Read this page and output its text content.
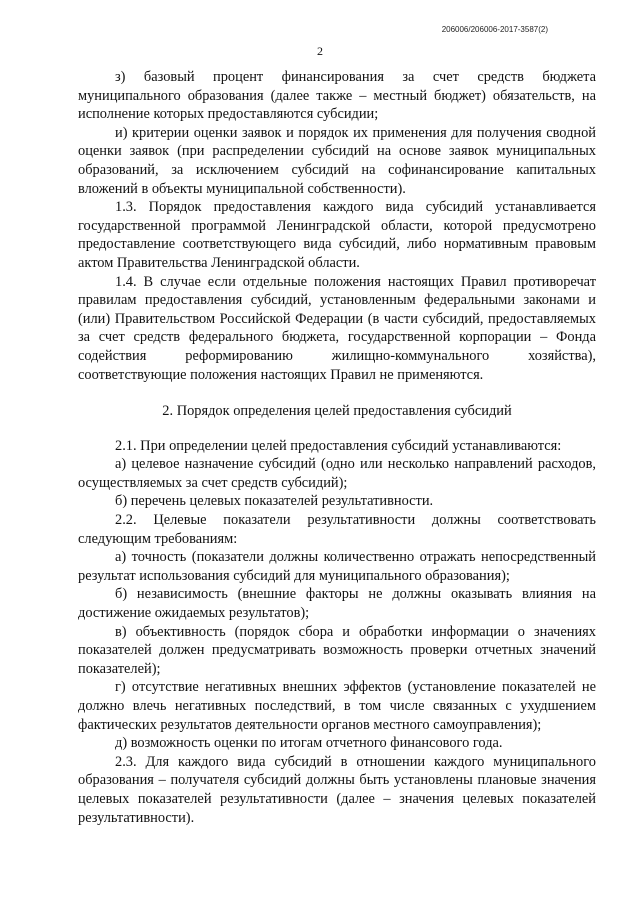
206006/206006-2017-3587(2)
2

з) базовый процент финансирования за счет средств бюджета муниципального образования (далее также – местный бюджет) обязательств, на исполнение которых предоставляются субсидии;

и) критерии оценки заявок и порядок их применения для получения сводной оценки заявок (при распределении субсидий на основе заявок муниципальных образований, за исключением субсидий на софинансирование капитальных вложений в объекты муниципальной собственности).

1.3. Порядок предоставления каждого вида субсидий устанавливается государственной программой Ленинградской области, которой предусмотрено предоставление соответствующего вида субсидий, либо нормативным правовым актом Правительства Ленинградской области.

1.4. В случае если отдельные положения настоящих Правил противоречат правилам предоставления субсидий, установленным федеральными законами и (или) Правительством Российской Федерации (в части субсидий, предоставляемых за счет средств федерального бюджета, государственной корпорации – Фонда содействия реформированию жилищно-коммунального хозяйства), соответствующие положения настоящих Правил не применяются.

2. Порядок определения целей предоставления субсидий

2.1. При определении целей предоставления субсидий устанавливаются:

а) целевое назначение субсидий (одно или несколько направлений расходов, осуществляемых за счет средств субсидий);

б) перечень целевых показателей результативности.

2.2. Целевые показатели результативности должны соответствовать следующим требованиям:

а) точность (показатели должны количественно отражать непосредственный результат использования субсидий для муниципального образования);

б) независимость (внешние факторы не должны оказывать влияния на достижение ожидаемых результатов);

в) объективность (порядок сбора и обработки информации о значениях показателей должен предусматривать возможность проверки отчетных значений показателей);

г) отсутствие негативных внешних эффектов (установление показателей не должно влечь негативных последствий, в том числе связанных с ухудшением фактических результатов деятельности органов местного самоуправления);

д) возможность оценки по итогам отчетного финансового года.

2.3. Для каждого вида субсидий в отношении каждого муниципального образования – получателя субсидий должны быть установлены плановые значения целевых показателей результативности (далее – значения целевых показателей результативности).
